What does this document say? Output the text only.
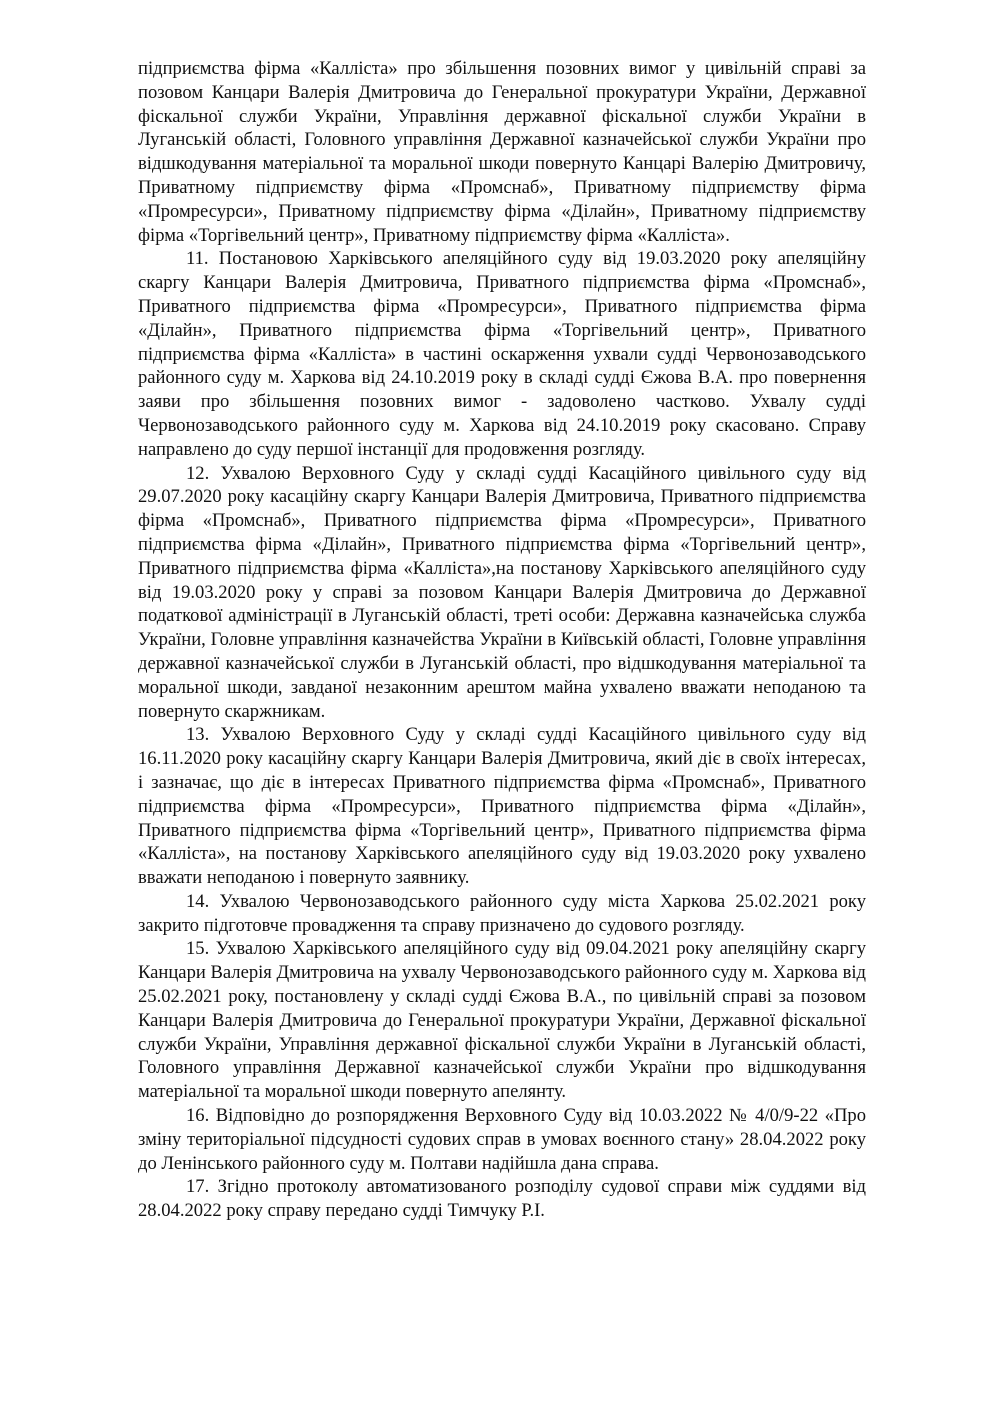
підприємства фірма «Каллiста» про збільшення позовних вимог у цивільній справі за позовом Канцари Валерія Дмитровича до Генеральної прокуратури України, Державної фіскальної служби України, Управління державної фіскальної служби України в Луганській області, Головного управління Державної казначейської служби України про відшкодування матеріальної та моральної шкоди повернуто Канцарі Валерію Дмитровичу, Приватному підприємству фірма «Промснаб», Приватному підприємству фірма «Промресурси», Приватному підприємству фірма «Ділайн», Приватному підприємству фірма «Торгівельний центр», Приватному підприємству фірма «Каллiста».

11. Постановою Харківського апеляційного суду від 19.03.2020 року апеляційну скаргу Канцари Валерія Дмитровича, Приватного підприємства фірма «Промснаб», Приватного підприємства фірма «Промресурси», Приватного підприємства фірма «Ділайн», Приватного підприємства фірма «Торгівельний центр», Приватного підприємства фірма «Каллiста» в частині оскарження ухвали судді Червонозаводського районного суду м. Харкова від 24.10.2019 року в складі судді Єжова В.А. про повернення заяви про збільшення позовних вимог - задоволено частково. Ухвалу судді Червонозаводського районного суду м. Харкова від 24.10.2019 року скасовано. Справу направлено до суду першої інстанції для продовження розгляду.

12. Ухвалою Верховного Суду у складі судді Касаційного цивільного суду від 29.07.2020 року касаційну скаргу Канцари Валерія Дмитровича, Приватного підприємства фірма «Промснаб», Приватного підприємства фірма «Промресурси», Приватного підприємства фірма «Ділайн», Приватного підприємства фірма «Торгівельний центр», Приватного підприємства фірма «Каллiста»,на постанову Харківського апеляційного суду від 19.03.2020 року у справі за позовом Канцари Валерія Дмитровича до Державної податкової адміністрації в Луганській області, треті особи: Державна казначейська служба України, Головне управління казначейства України в Київській області, Головне управління державної казначейської служби в Луганській області, про відшкодування матеріальної та моральної шкоди, завданої незаконним арештом майна ухвалено вважати неподаною та повернуто скаржникам.

13. Ухвалою Верховного Суду у складі судді Касаційного цивільного суду від 16.11.2020 року касаційну скаргу Канцари Валерія Дмитровича, який діє в своїх інтересах, і зазначає, що діє в інтересах Приватного підприємства фірма «Промснаб», Приватного підприємства фірма «Промресурси», Приватного підприємства фірма «Ділайн», Приватного підприємства фірма «Торгівельний центр», Приватного підприємства фірма «Каллiста», на постанову Харківського апеляційного суду від 19.03.2020 року ухвалено вважати неподаною і повернуто заявнику.

14. Ухвалою Червонозаводського районного суду міста Харкова 25.02.2021 року закрито підготовче провадження та справу призначено до судового розгляду.

15. Ухвалою Харківського апеляційного суду від 09.04.2021 року апеляційну скаргу Канцари Валерія Дмитровича на ухвалу Червонозаводського районного суду м. Харкова від 25.02.2021 року, постановлену у складі судді Єжова В.А., по цивільній справі за позовом Канцари Валерія Дмитровича до Генеральної прокуратури України, Державної фіскальної служби України, Управління державної фіскальної служби України в Луганській області, Головного управління Державної казначейської служби України про відшкодування матеріальної та моральної шкоди повернуто апелянту.

16. Відповідно до розпорядження Верховного Суду від 10.03.2022 № 4/0/9-22 «Про зміну територіальної підсудності судових справ в умовах воєнного стану» 28.04.2022 року до Ленінського районного суду м. Полтави надійшла дана справа.

17. Згідно протоколу автоматизованого розподілу судової справи між суддями від 28.04.2022 року справу передано судді Тимчуку Р.І.
